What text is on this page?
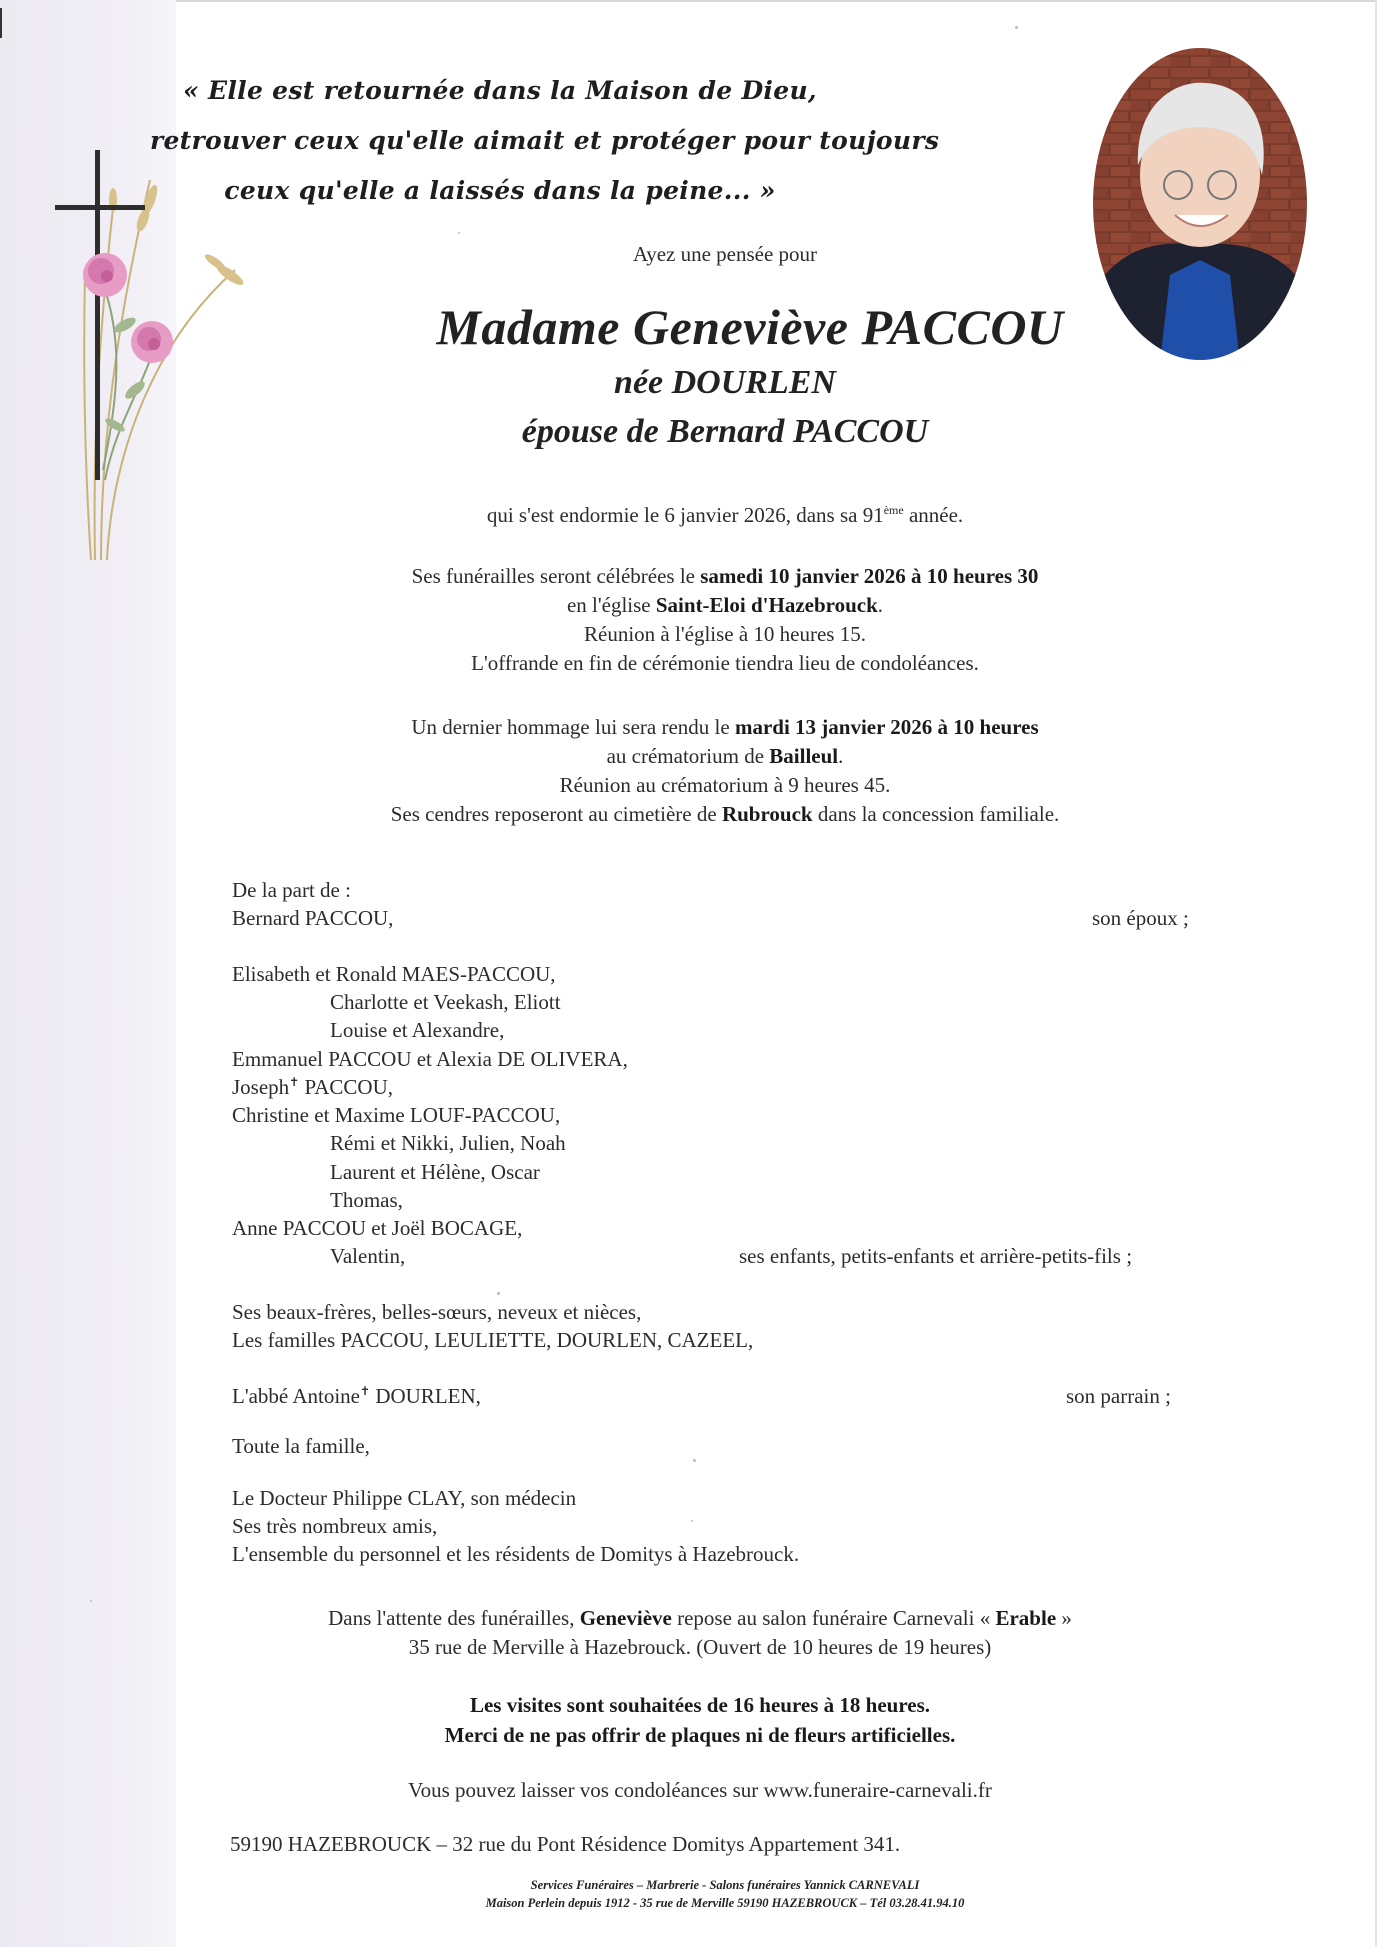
« Elle est retournée dans la Maison de Dieu,
retrouver ceux qu'elle aimait et protéger pour toujours
ceux qu'elle a laissés dans la peine... »
Ayez une pensée pour
Madame Geneviève PACCOU
née DOURLEN
épouse de Bernard PACCOU
qui s'est endormie le 6 janvier 2026, dans sa 91ème année.
Ses funérailles seront célébrées le samedi 10 janvier 2026 à 10 heures 30
en l'église Saint-Eloi d'Hazebrouck.
Réunion à l'église à 10 heures 15.
L'offrande en fin de cérémonie tiendra lieu de condoléances.
Un dernier hommage lui sera rendu le mardi 13 janvier 2026 à 10 heures
au crématorium de Bailleul.
Réunion au crématorium à 9 heures 45.
Ses cendres reposeront au cimetière de Rubrouck dans la concession familiale.
De la part de :
Bernard PACCOU,	son époux ;
Elisabeth et Ronald MAES-PACCOU,
Charlotte et Veekash, Eliott
Louise et Alexandre,
Emmanuel PACCOU et Alexia DE OLIVERA,
Joseph✝ PACCOU,
Christine et Maxime LOUF-PACCOU,
Rémi et Nikki, Julien, Noah
Laurent et Hélène, Oscar
Thomas,
Anne PACCOU et Joël BOCAGE,
Valentin,	ses enfants, petits-enfants et arrière-petits-fils ;
Ses beaux-frères, belles-sœurs, neveux et nièces,
Les familles PACCOU, LEULIETTE, DOURLEN, CAZEEL,
L'abbé Antoine✝ DOURLEN,	son parrain ;
Toute la famille,
Le Docteur Philippe CLAY, son médecin
Ses très nombreux amis,
L'ensemble du personnel et les résidents de Domitys à Hazebrouck.
Dans l'attente des funérailles, Geneviève repose au salon funéraire Carnevali « Erable »
35 rue de Merville à Hazebrouck. (Ouvert de 10 heures de 19 heures)
Les visites sont souhaitées de 16 heures à 18 heures.
Merci de ne pas offrir de plaques ni de fleurs artificielles.
Vous pouvez laisser vos condoléances sur www.funeraire-carnevali.fr
59190 HAZEBROUCK – 32 rue du Pont Résidence Domitys Appartement 341.
Services Funéraires – Marbrerie - Salons funéraires Yannick CARNEVALI
Maison Perlein depuis 1912 - 35 rue de Merville 59190 HAZEBROUCK – Tél 03.28.41.94.10
